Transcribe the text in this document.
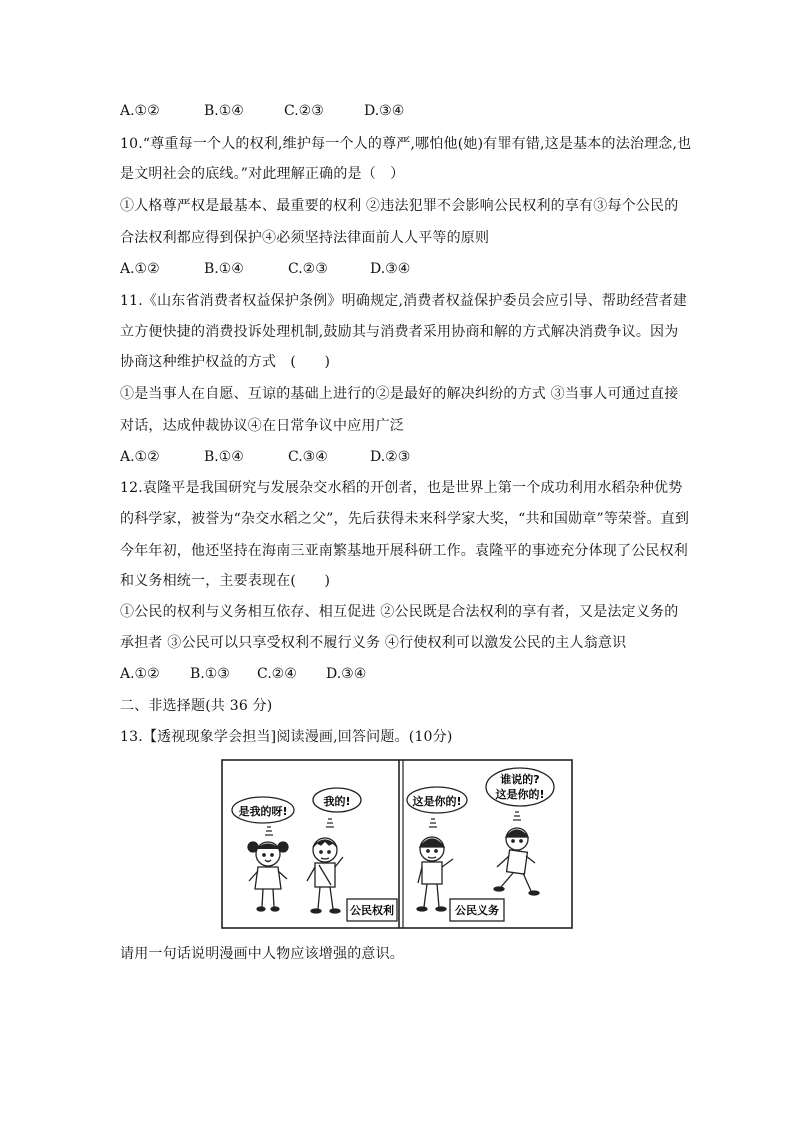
A.①②	B.①④	C.②③	D.③④
10.“尊重每一个人的权利,维护每一个人的尊严,哪怕他(她)有罪有错,这是基本的法治理念,也
是文明社会的底线。”对此理解正确的是（　）
①人格尊严权是最基本、最重要的权利 ②违法犯罪不会影响公民权利的享有③每个公民的
合法权利都应得到保护④必须坚持法律面前人人平等的原则
A.①②	B.①④	C.②③	D.③④
11.《山东省消费者权益保护条例》明确规定,消费者权益保护委员会应引导、帮助经营者建
立方便快捷的消费投诉处理机制,鼓励其与消费者采用协商和解的方式解决消费争议。因为
协商这种维护权益的方式　(　　)
①是当事人在自愿、互谅的基础上进行的②是最好的解决纠纷的方式 ③当事人可通过直接
对话，达成仲裁协议④在日常争议中应用广泛
A.①②	B.①④	C.③④	D.②③
12.袁隆平是我国研究与发展杂交水稻的开创者，也是世界上第一个成功利用水稻杂种优势
的科学家，被誉为“杂交水稻之父”，先后获得未来科学家大奖，“共和国勋章”等荣誉。直到
今年年初，他还坚持在海南三亚南繁基地开展科研工作。袁隆平的事迹充分体现了公民权利
和义务相统一，主要表现在(　　)
①公民的权利与义务相互依存、相互促进 ②公民既是合法权利的享有者，又是法定义务的
承担者 ③公民可以只享受权利不履行义务 ④行使权利可以激发公民的主人翁意识
A.①② B.①③ C.②④ D.③④
二、非选择题(共 36 分)
13.【透视现象学会担当]阅读漫画,回答问题。(10分)
是我的呀!
我的!
公民权利
这是你的!
谁说的?
这是你的!
公民义务
请用一句话说明漫画中人物应该增强的意识。
